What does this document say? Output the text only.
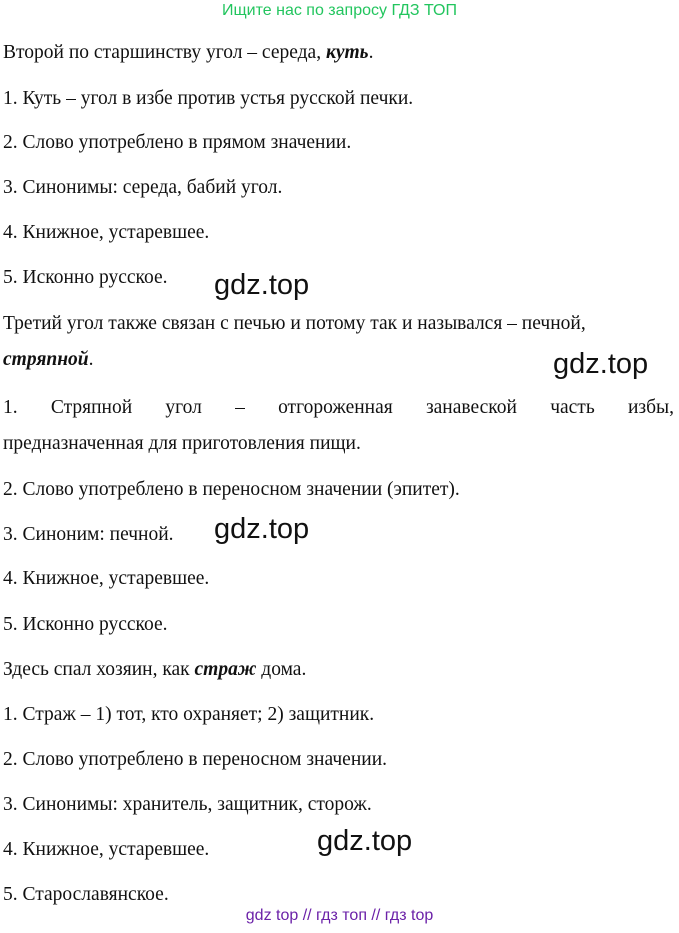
Ищите нас по запросу ГДЗ ТОП
Второй по старшинству угол – середа, куть.
1. Куть – угол в избе против устья русской печки.
2. Слово употреблено в прямом значении.
3. Синонимы: середа, бабий угол.
4. Книжное, устаревшее.
5. Исконно русское.
Третий угол также связан с печью и потому так и назывался – печной,
стряпной.
1. Стряпной угол – отгороженная занавеской часть избы,
предназначенная для приготовления пищи.
2. Слово употреблено в переносном значении (эпитет).
3. Синоним: печной.
4. Книжное, устаревшее.
5. Исконно русское.
Здесь спал хозяин, как страж дома.
1. Страж – 1) тот, кто охраняет; 2) защитник.
2. Слово употреблено в переносном значении.
3. Синонимы: хранитель, защитник, сторож.
4. Книжное, устаревшее.
5. Старославянское.
gdz.top
gdz.top
gdz.top
gdz.top
gdz top // гдз топ // гдз top
